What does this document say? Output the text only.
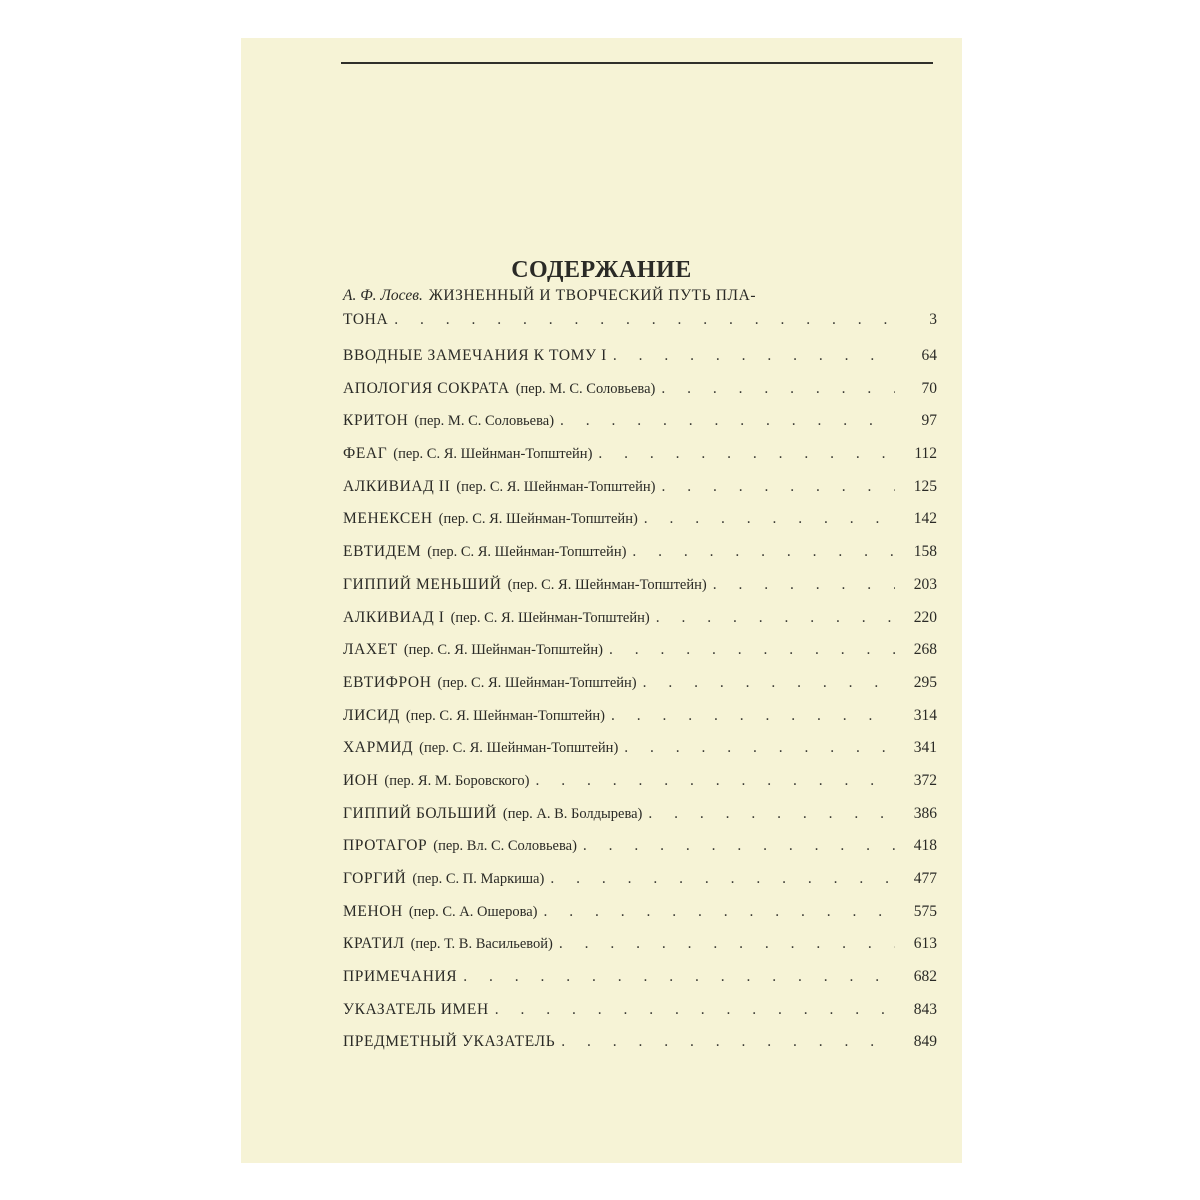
СОДЕРЖАНИЕ
А. Ф. Лосев. ЖИЗНЕННЫЙ И ТВОРЧЕСКИЙ ПУТЬ ПЛА-
ТОНА . . .	3
ВВОДНЫЕ ЗАМЕЧАНИЯ К ТОМУ I . . .	64
АПОЛОГИЯ СОКРАТА (пер. М. С. Соловьева) . . .	70
КРИТОН (пер. М. С. Соловьева) . . .	97
ФЕАГ (пер. С. Я. Шейнман-Топштейн) . . .	112
АЛКИВИАД II (пер. С. Я. Шейнман-Топштейн) . . .	125
МЕНЕКСЕН (пер. С. Я. Шейнман-Топштейн) . . .	142
ЕВТИДЕМ (пер. С. Я. Шейнман-Топштейн) . . .	158
ГИППИЙ МЕНЬШИЙ (пер. С. Я. Шейнман-Топштейн) . . .	203
АЛКИВИАД I (пер. С. Я. Шейнман-Топштейн) . . .	220
ЛАХЕТ (пер. С. Я. Шейнман-Топштейн) . . .	268
ЕВТИФРОН (пер. С. Я. Шейнман-Топштейн) . . .	295
ЛИСИД (пер. С. Я. Шейнман-Топштейн) . . .	314
ХАРМИД (пер. С. Я. Шейнман-Топштейн) . . .	341
ИОН (пер. Я. М. Боровского) . . .	372
ГИППИЙ БОЛЬШИЙ (пер. А. В. Болдырева) . . .	386
ПРОТАГОР (пер. Вл. С. Соловьева) . . .	418
ГОРГИЙ (пер. С. П. Маркиша) . . .	477
МЕНОН (пер. С. А. Ошерова) . . .	575
КРАТИЛ (пер. Т. В. Васильевой) . . .	613
ПРИМЕЧАНИЯ . . .	682
УКАЗАТЕЛЬ ИМЕН . . .	843
ПРЕДМЕТНЫЙ УКАЗАТЕЛЬ . . .	849
